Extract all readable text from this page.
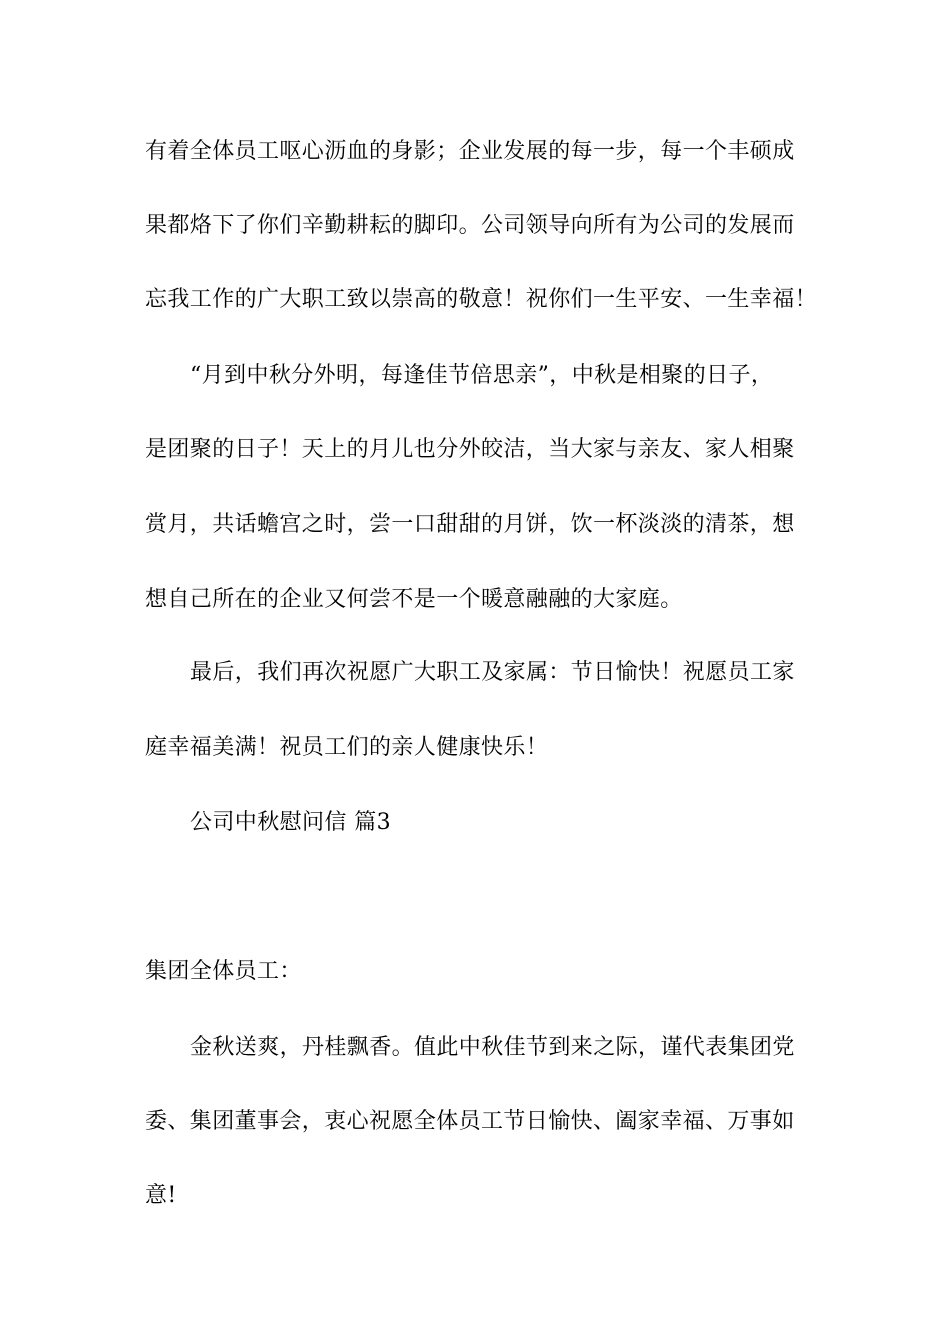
有着全体员工呕心沥血的身影；企业发展的每一步，每一个丰硕成
果都烙下了你们辛勤耕耘的脚印。公司领导向所有为公司的发展而
忘我工作的广大职工致以崇高的敬意！祝你们一生平安、一生幸福！
“月到中秋分外明，每逢佳节倍思亲”，中秋是相聚的日子，
是团聚的日子！天上的月儿也分外皎洁，当大家与亲友、家人相聚
赏月，共话蟾宫之时，尝一口甜甜的月饼，饮一杯淡淡的清茶，想
想自己所在的企业又何尝不是一个暖意融融的大家庭。
最后，我们再次祝愿广大职工及家属：节日愉快！祝愿员工家
庭幸福美满！祝员工们的亲人健康快乐！
公司中秋慰问信 篇3
集团全体员工：
金秋送爽，丹桂飘香。值此中秋佳节到来之际，谨代表集团党
委、集团董事会，衷心祝愿全体员工节日愉快、阖家幸福、万事如
意!
